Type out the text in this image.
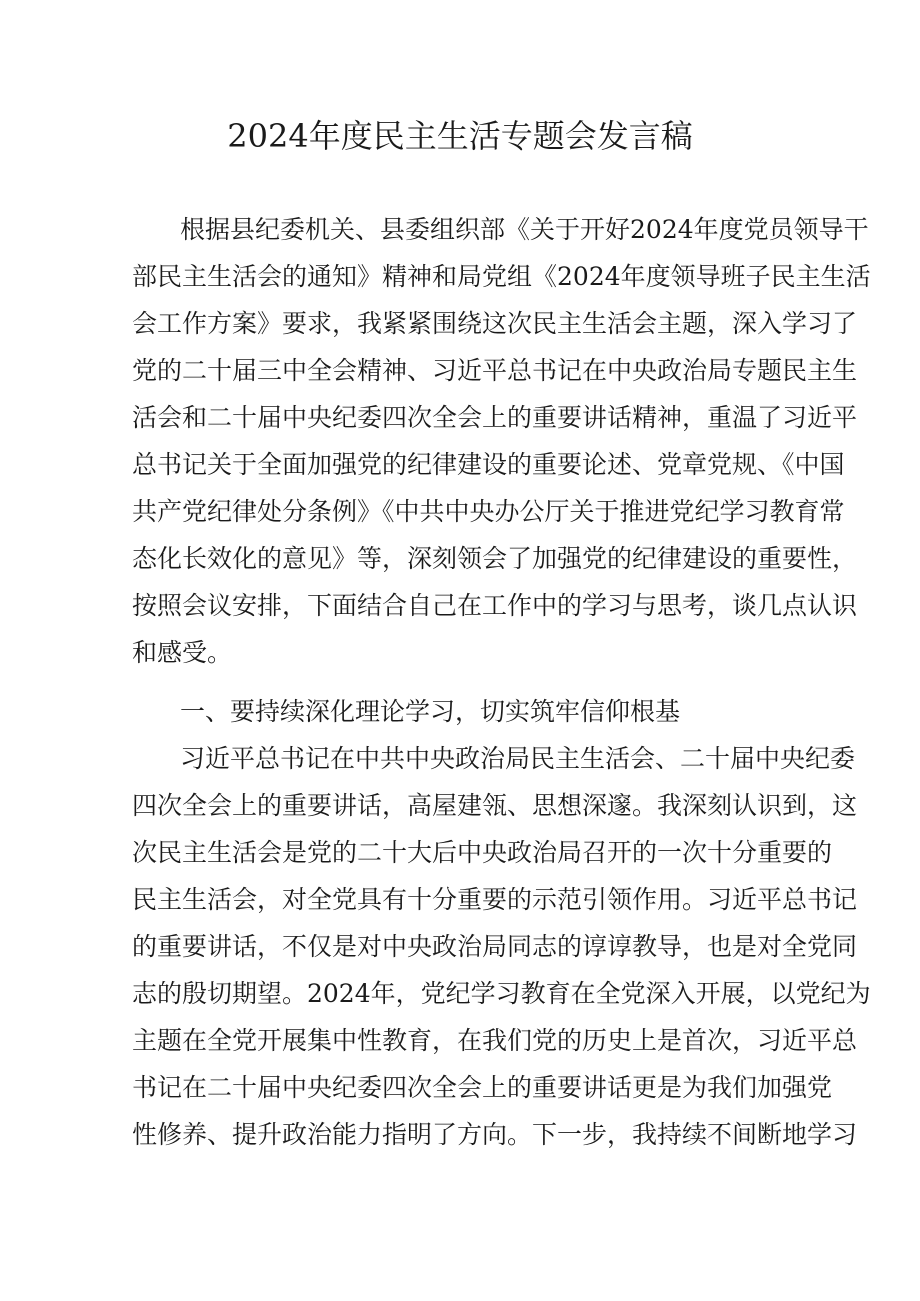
2024年度民主生活专题会发言稿

根据县纪委机关、县委组织部《关于开好2024年度党员领导干

部民主生活会的通知》精神和局党组《2024年度领导班子民主生活

会工作方案》要求，我紧紧围绕这次民主生活会主题，深入学习了

党的二十届三中全会精神、习近平总书记在中央政治局专题民主生

活会和二十届中央纪委四次全会上的重要讲话精神，重温了习近平

总书记关于全面加强党的纪律建设的重要论述、党章党规、《中国

共产党纪律处分条例》《中共中央办公厅关于推进党纪学习教育常

态化长效化的意见》等，深刻领会了加强党的纪律建设的重要性，

按照会议安排，下面结合自己在工作中的学习与思考，谈几点认识

和感受。

一、要持续深化理论学习，切实筑牢信仰根基

习近平总书记在中共中央政治局民主生活会、二十届中央纪委

四次全会上的重要讲话，高屋建瓴、思想深邃。我深刻认识到，这

次民主生活会是党的二十大后中央政治局召开的一次十分重要的

民主生活会，对全党具有十分重要的示范引领作用。习近平总书记

的重要讲话，不仅是对中央政治局同志的谆谆教导，也是对全党同

志的殷切期望。2024年，党纪学习教育在全党深入开展，以党纪为

主题在全党开展集中性教育，在我们党的历史上是首次，习近平总

书记在二十届中央纪委四次全会上的重要讲话更是为我们加强党

性修养、提升政治能力指明了方向。下一步，我持续不间断地学习
